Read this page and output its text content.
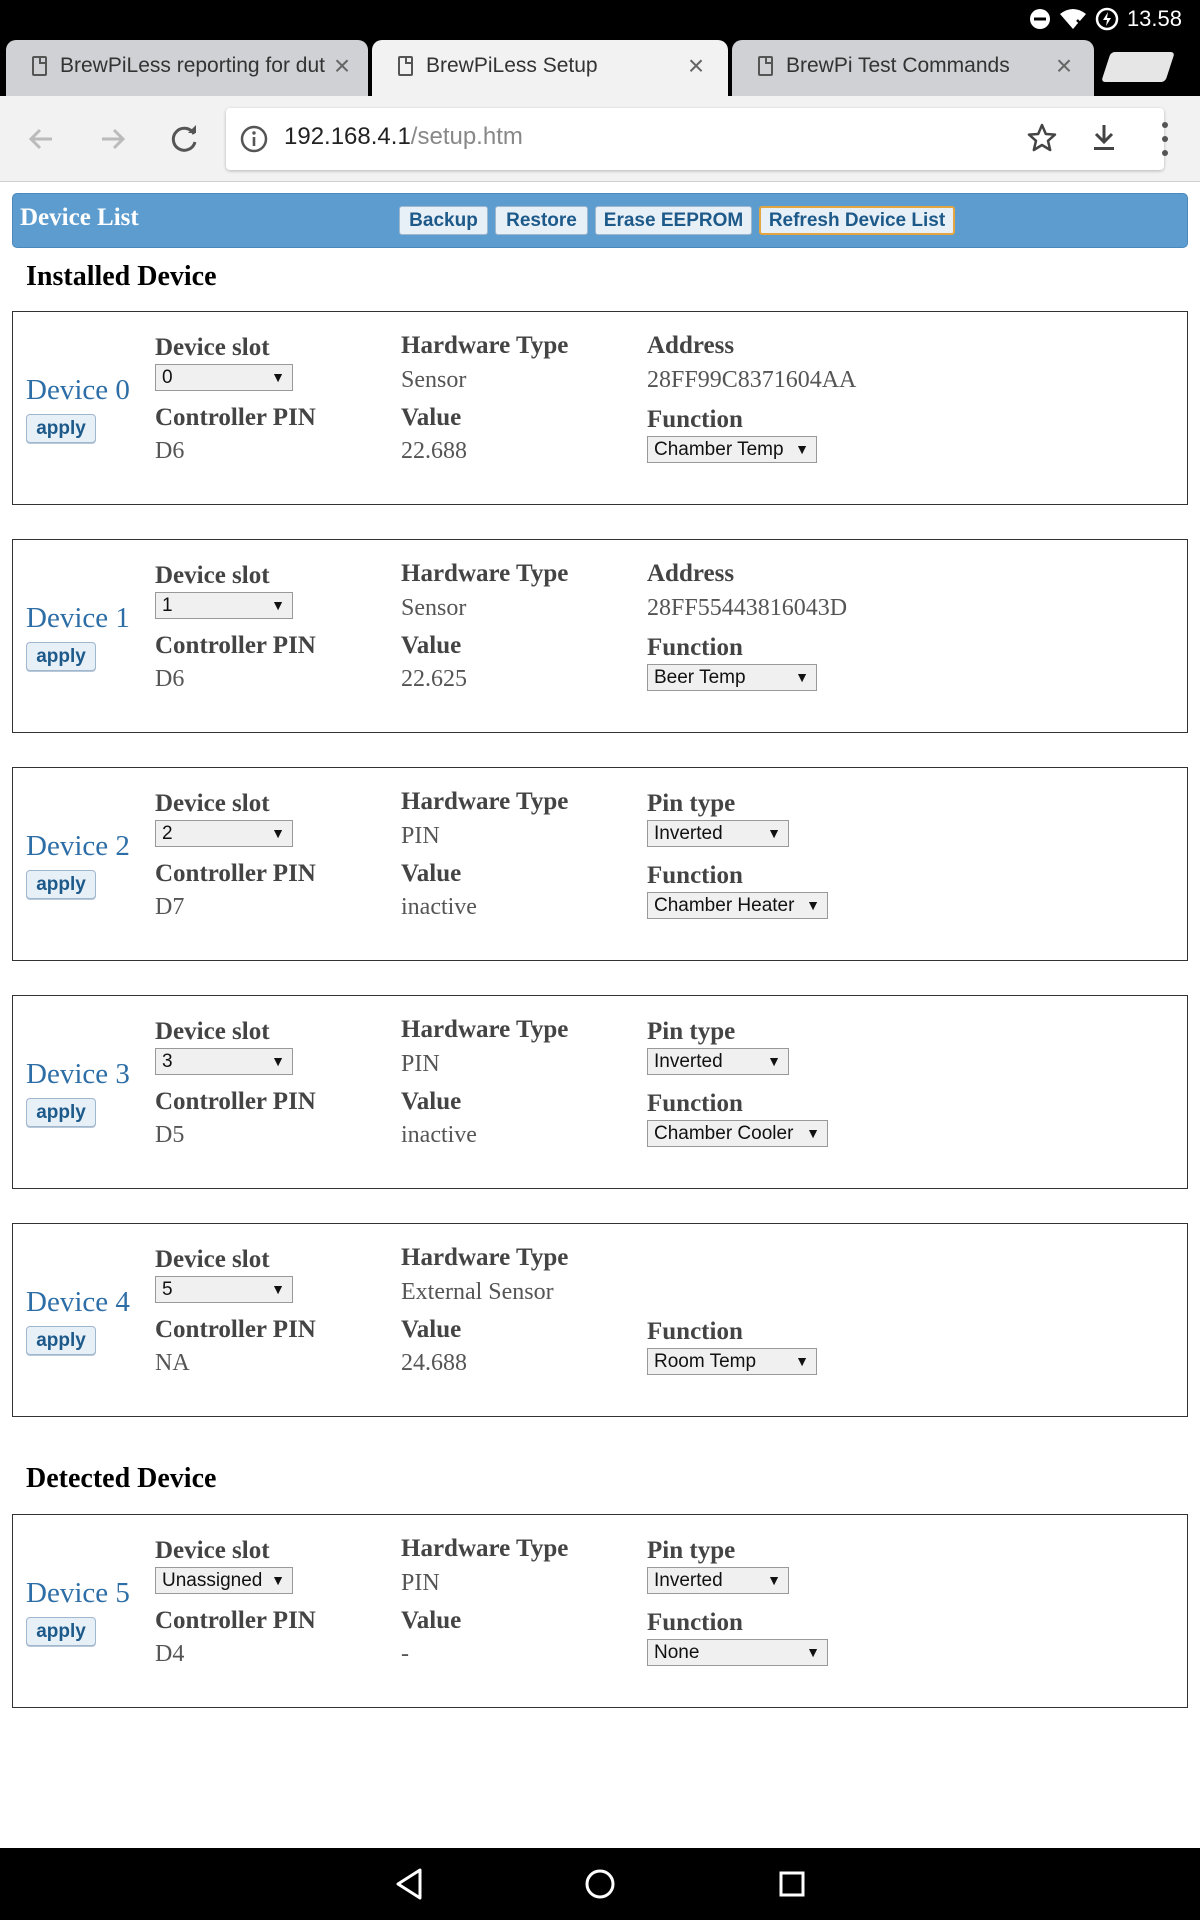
13.58
BrewPiLess reporting for dut ×	BrewPiLess Setup	×	BrewPi Test Commands	×
192.168.4.1/setup.htm
Device List	Backup	Restore	Erase EEPROM	Refresh Device List
Installed Device
Device 0
apply
Device slot
0	▼
Controller PIN
D6
Hardware Type
Sensor
Value
22.688
Address
28FF99C8371604AA
Function
Chamber Temp ▼
Device 1
apply
Device slot
1	▼
Controller PIN
D6
Hardware Type
Sensor
Value
22.625
Address
28FF55443816043D
Function
Beer Temp	▼
Device 2
apply
Device slot
2	▼
Controller PIN
D7
Hardware Type
PIN
Value
inactive
Pin type
Inverted	▼
Function
Chamber Heater ▼
Device 3
apply
Device slot
3	▼
Controller PIN
D5
Hardware Type
PIN
Value
inactive
Pin type
Inverted	▼
Function
Chamber Cooler ▼
Device 4
apply
Device slot
5	▼
Controller PIN
NA
Hardware Type
External Sensor
Value
24.688
Function
Room Temp	▼
Detected Device
Device 5
apply
Device slot
Unassigned ▼
Controller PIN
D4
Hardware Type
PIN
Value
-
Pin type
Inverted	▼
Function
None	▼
